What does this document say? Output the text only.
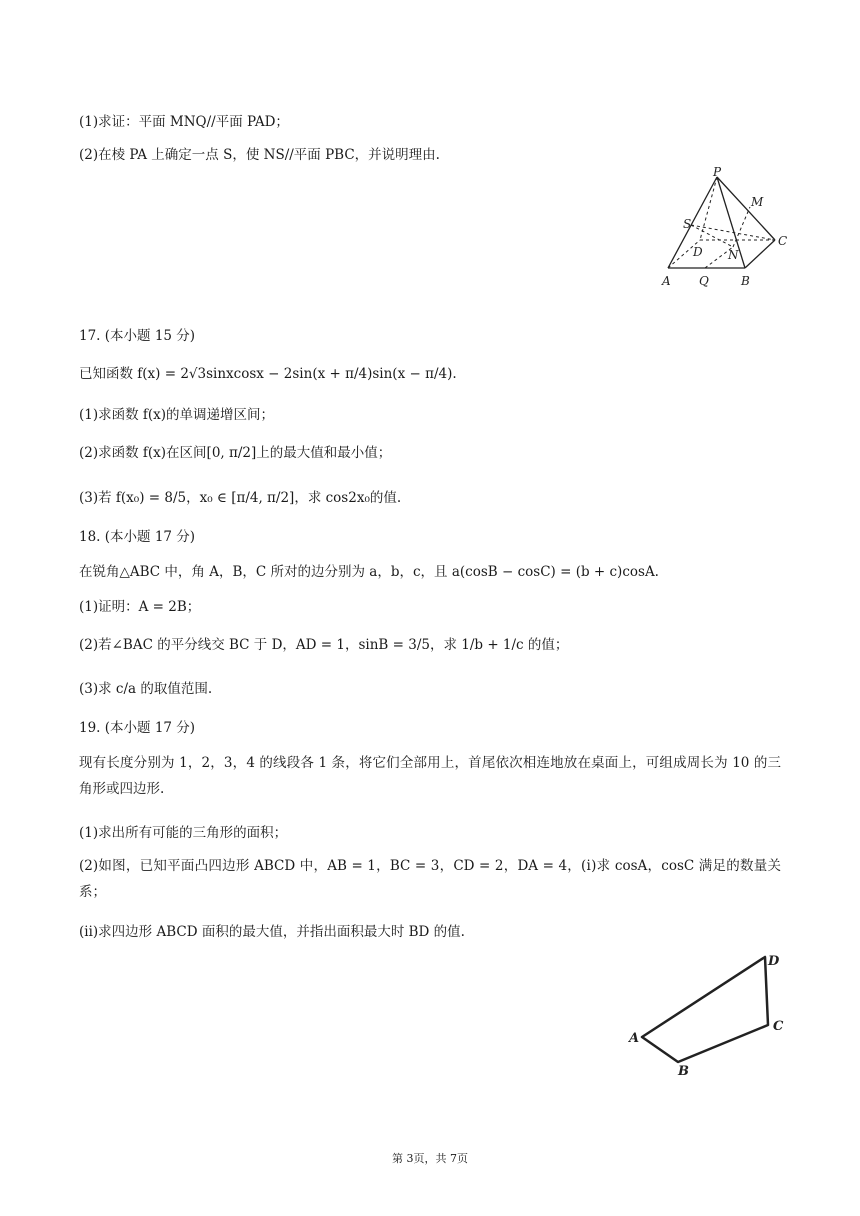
(1)求证：平面 MNQ//平面 PAD；
(2)在棱 PA 上确定一点 S，使 NS//平面 PBC，并说明理由.
P
M
S
C
D N
A Q	B
17. (本小题 15 分)
已知函数 f(x) = 2√3sinxcosx − 2sin(x + π/4)sin(x − π/4).
(1)求函数 f(x)的单调递增区间；
(2)求函数 f(x)在区间[0, π/2]上的最大值和最小值；
(3)若 f(x₀) = 8/5，x₀ ∈ [π/4, π/2]，求 cos2x₀的值.
18. (本小题 17 分)
在锐角△ABC 中，角 A，B，C 所对的边分别为 a，b，c，且 a(cosB − cosC) = (b + c)cosA.
(1)证明：A = 2B；
(2)若∠BAC 的平分线交 BC 于 D，AD = 1，sinB = 3/5，求 1/b + 1/c 的值；
(3)求 c/a 的取值范围.
19. (本小题 17 分)
现有长度分别为 1，2，3，4 的线段各 1 条，将它们全部用上，首尾依次相连地放在桌面上，可组成周长为 10 的三角形或四边形.
(1)求出所有可能的三角形的面积；
(2)如图，已知平面凸四边形 ABCD 中，AB = 1，BC = 3，CD = 2，DA = 4，(ⅰ)求 cosA，cosC 满足的数量关系；
(ⅱ)求四边形 ABCD 面积的最大值，并指出面积最大时 BD 的值.
D
A
C
B
第 3页，共 7页
